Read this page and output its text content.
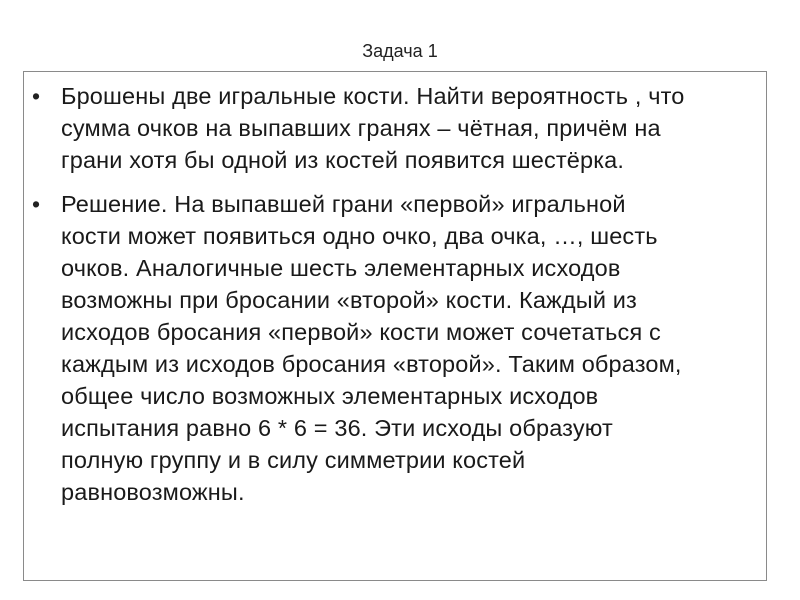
Задача 1
• Брошены две игральные кости. Найти вероятность , что
сумма очков на выпавших гранях – чётная, причём на
грани хотя бы одной из костей появится шестёрка.
• Решение. На выпавшей грани «первой» игральной
кости может появиться одно очко, два очка, …, шесть
очков. Аналогичные шесть элементарных исходов
возможны при бросании «второй» кости. Каждый из
исходов бросания «первой» кости может сочетаться с
каждым из исходов бросания «второй». Таким образом,
общее число возможных элементарных исходов
испытания равно 6 * 6 = 36. Эти исходы образуют
полную группу и в силу симметрии костей
равновозможны.
